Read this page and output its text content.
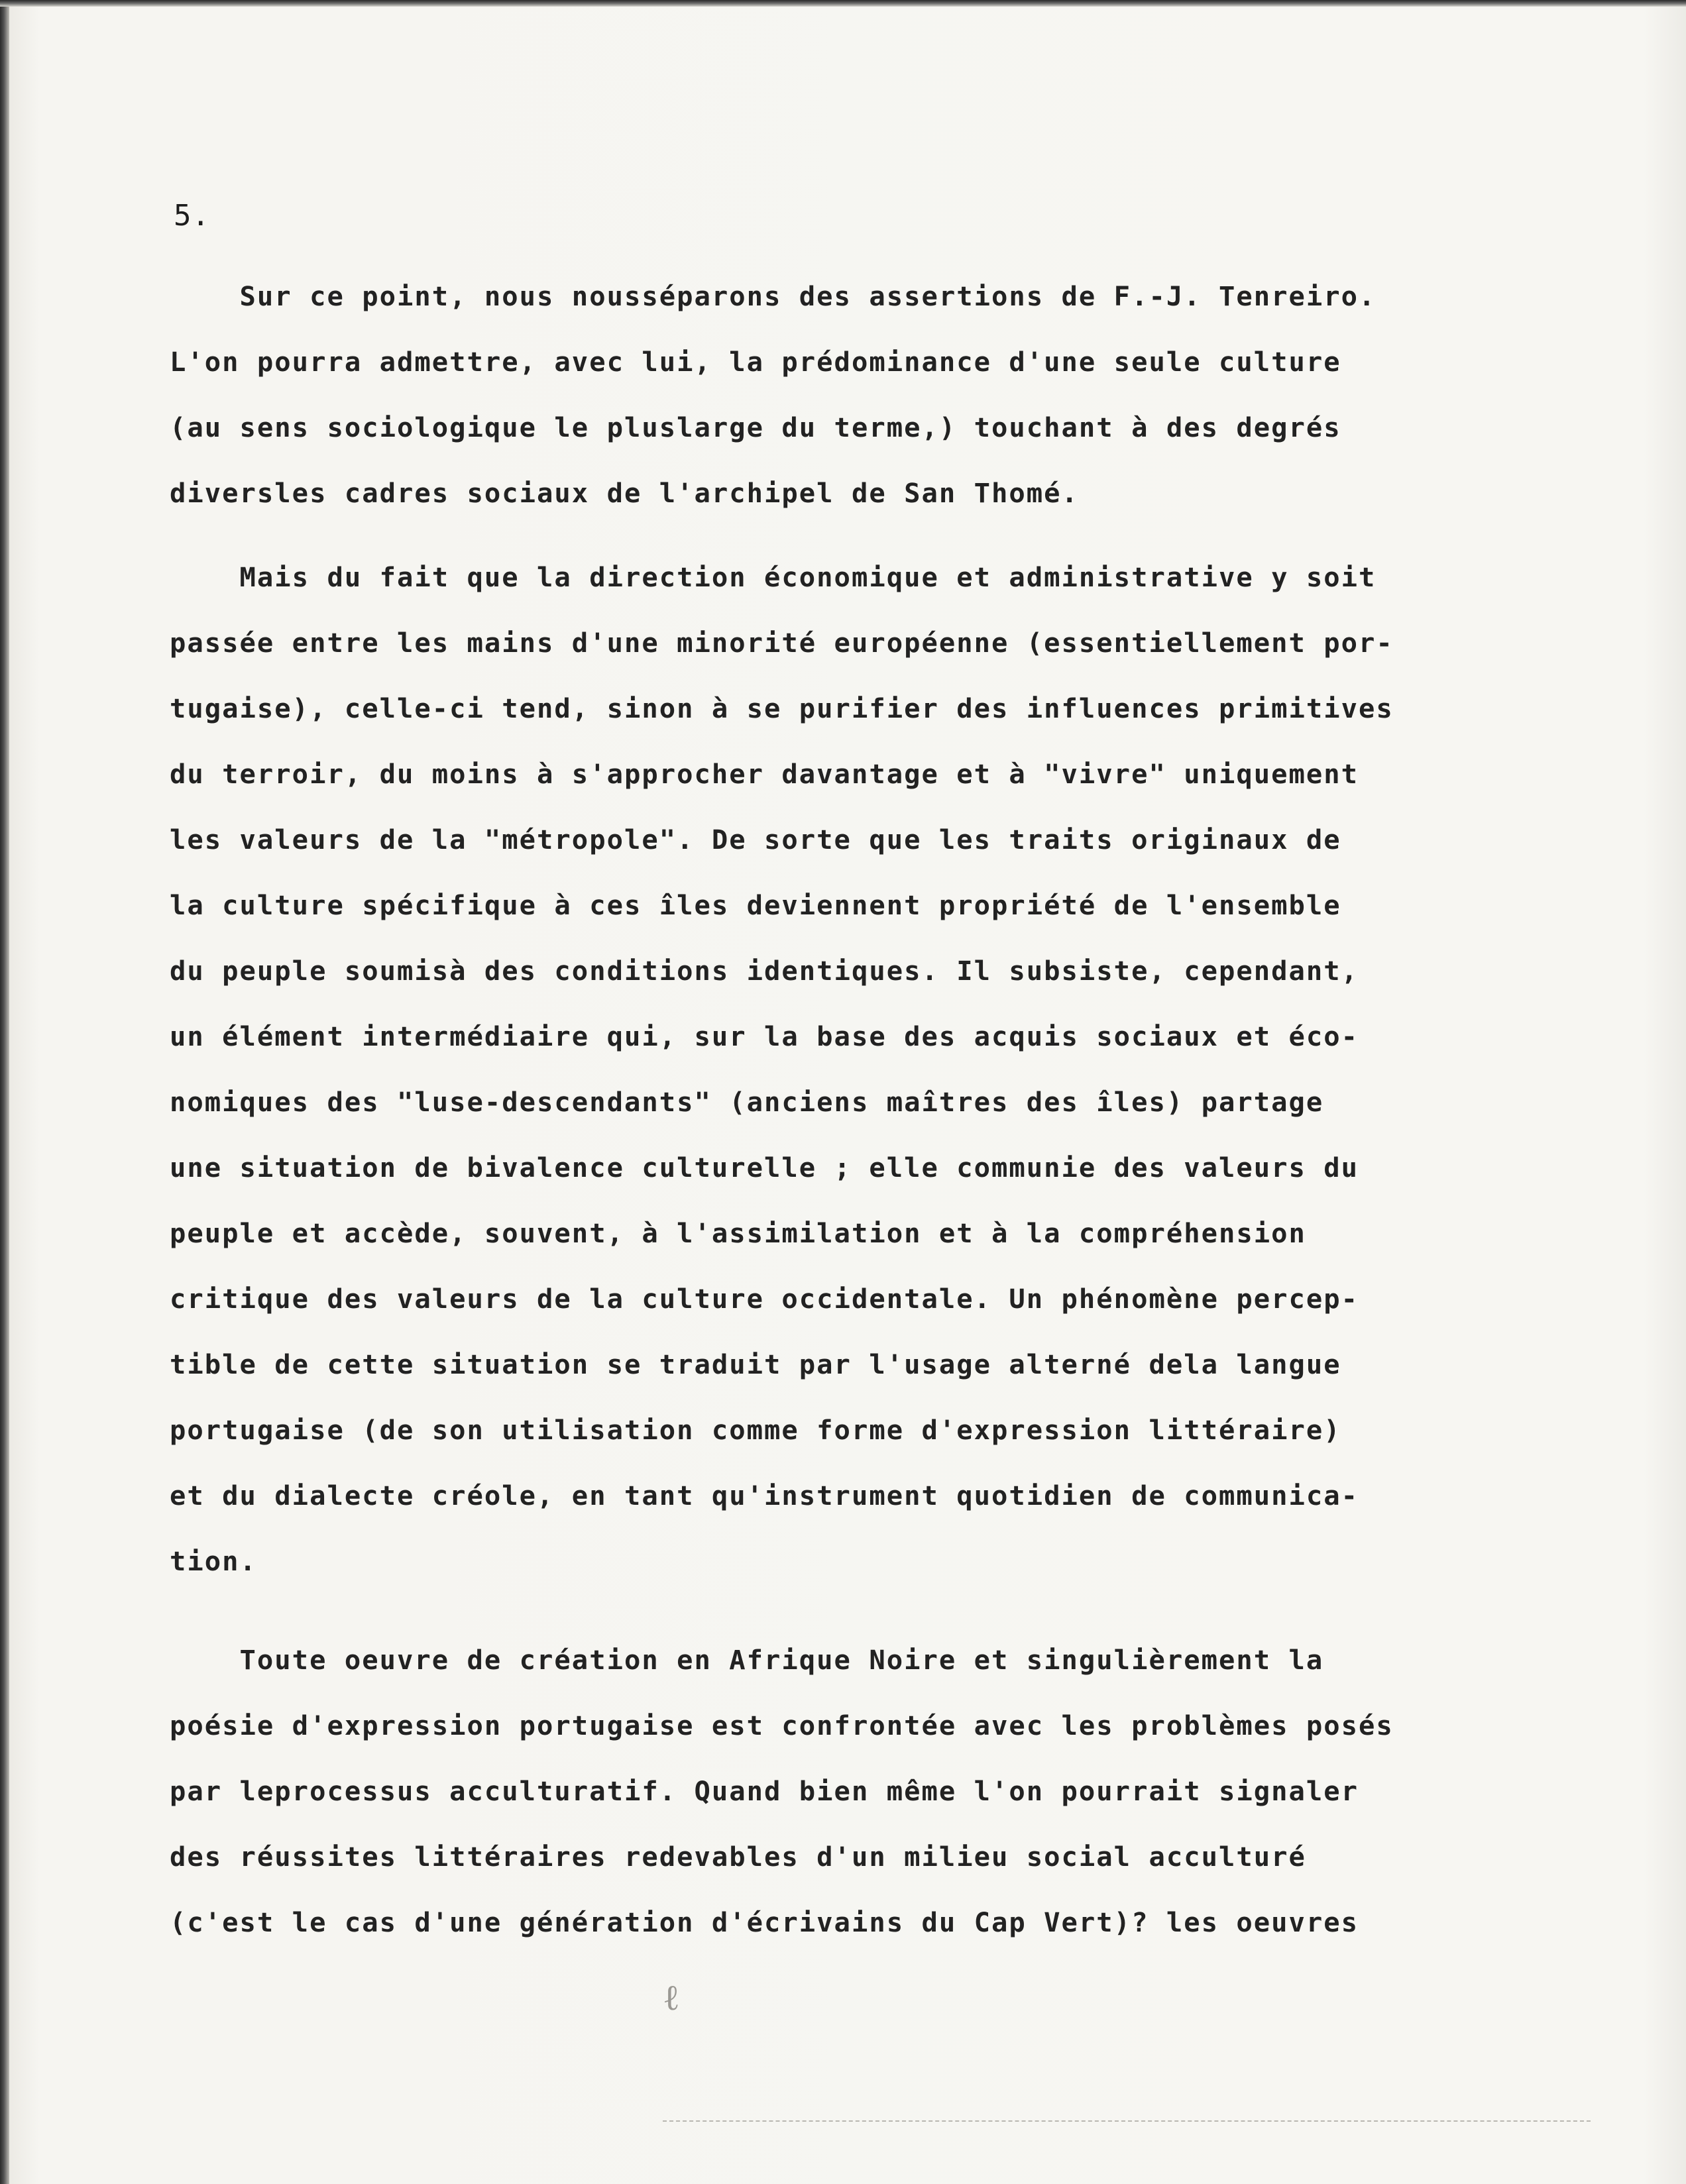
5.
Sur ce point, nous nousséparons des assertions de F.-J. Tenreiro.
L'on pourra admettre, avec lui, la prédominance d'une seule culture
(au sens sociologique le pluslarge du terme,) touchant à des degrés
diversles cadres sociaux de l'archipel de San Thomé.
Mais du fait que la direction économique et administrative y soit
passée entre les mains d'une minorité européenne (essentiellement por-
tugaise), celle-ci tend, sinon à se purifier des influences primitives
du terroir, du moins à s'approcher davantage et à "vivre" uniquement
les valeurs de la "métropole". De sorte que les traits originaux de
la culture spécifique à ces îles deviennent propriété de l'ensemble
du peuple soumisà des conditions identiques. Il subsiste, cependant,
un élément intermédiaire qui, sur la base des acquis sociaux et éco-
nomiques des "luse-descendants" (anciens maîtres des îles) partage
une situation de bivalence culturelle ; elle communie des valeurs du
peuple et accède, souvent, à l'assimilation et à la compréhension
critique des valeurs de la culture occidentale. Un phénomène percep-
tible de cette situation se traduit par l'usage alterné dela langue
portugaise (de son utilisation comme forme d'expression littéraire)
et du dialecte créole, en tant qu'instrument quotidien de communica-
tion.
Toute oeuvre de création en Afrique Noire et singulièrement la
poésie d'expression portugaise est confrontée avec les problèmes posés
par leprocessus acculturatif. Quand bien même l'on pourrait signaler
des réussites littéraires redevables d'un milieu social acculturé
(c'est le cas d'une génération d'écrivains du Cap Vert)? les oeuvres
ℓ
